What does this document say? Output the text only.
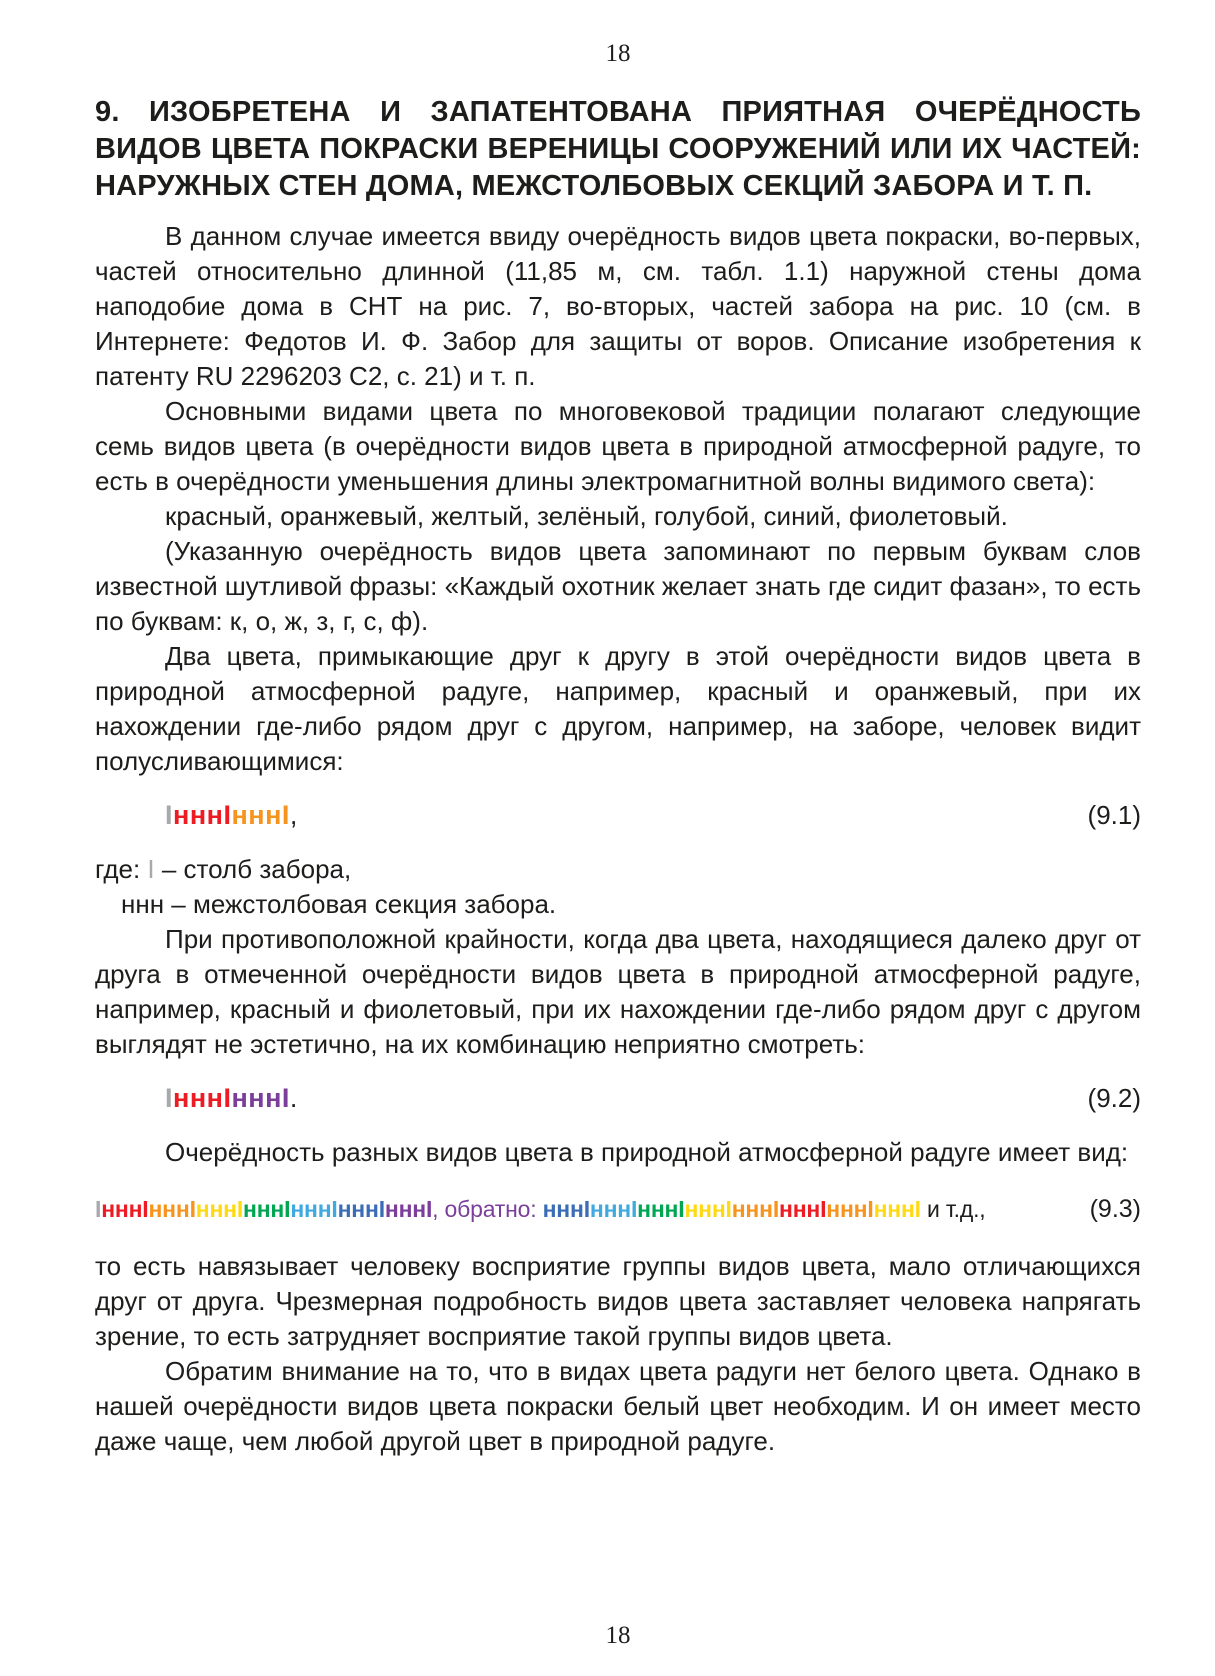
18
9. ИЗОБРЕТЕНА И ЗАПАТЕНТОВАНА ПРИЯТНАЯ ОЧЕРЁДНОСТЬ ВИДОВ ЦВЕТА ПОКРАСКИ ВЕРЕНИЦЫ СООРУЖЕНИЙ ИЛИ ИХ ЧАСТЕЙ: НАРУЖНЫХ СТЕН ДОМА, МЕЖСТОЛБОВЫХ СЕКЦИЙ ЗАБОРА И Т. П.

В данном случае имеется ввиду очерёдность видов цвета покраски, во-первых, частей относительно длинной (11,85 м, см. табл. 1.1) наружной стены дома наподобие дома в СНТ на рис. 7, во-вторых, частей забора на рис. 10 (см. в Интернете: Федотов И. Ф. Забор для защиты от воров. Описание изобретения к патенту RU 2296203 С2, с. 21) и т. п.

Основными видами цвета по многовековой традиции полагают следующие семь видов цвета (в очерёдности видов цвета в природной атмосферной радуге, то есть в очерёдности уменьшения длины электромагнитной волны видимого света):

красный, оранжевый, желтый, зелёный, голубой, синий, фиолетовый.

(Указанную очерёдность видов цвета запоминают по первым буквам слов известной шутливой фразы: «Каждый охотник желает знать где сидит фазан», то есть по буквам: к, о, ж, з, г, с, ф).

Два цвета, примыкающие друг к другу в этой очерёдности видов цвета в природной атмосферной радуге, например, красный и оранжевый, при их нахождении где-либо рядом друг с другом, например, на заборе, человек видит полусливающимися:

IнннIнннI,	(9.1)

где: I – столб забора,

ннн – межстолбовая секция забора.

При противоположной крайности, когда два цвета, находящиеся далеко друг от друга в отмеченной очерёдности видов цвета в природной атмосферной радуге, например, красный и фиолетовый, при их нахождении где-либо рядом друг с другом выглядят не эстетично, на их комбинацию неприятно смотреть:

IнннIнннI.	(9.2)

Очерёдность разных видов цвета в природной атмосферной радуге имеет вид:

IнннIнннIнннIнннIнннIнннIнннI, обратно: нннIнннIнннIнннIнннIнннIнннIнннI и т.д.,	(9.3)

то есть навязывает человеку восприятие группы видов цвета, мало отличающихся друг от друга. Чрезмерная подробность видов цвета заставляет человека напрягать зрение, то есть затрудняет восприятие такой группы видов цвета.

Обратим внимание на то, что в видах цвета радуги нет белого цвета. Однако в нашей очерёдности видов цвета покраски белый цвет необходим. И он имеет место даже чаще, чем любой другой цвет в природной радуге.

18
